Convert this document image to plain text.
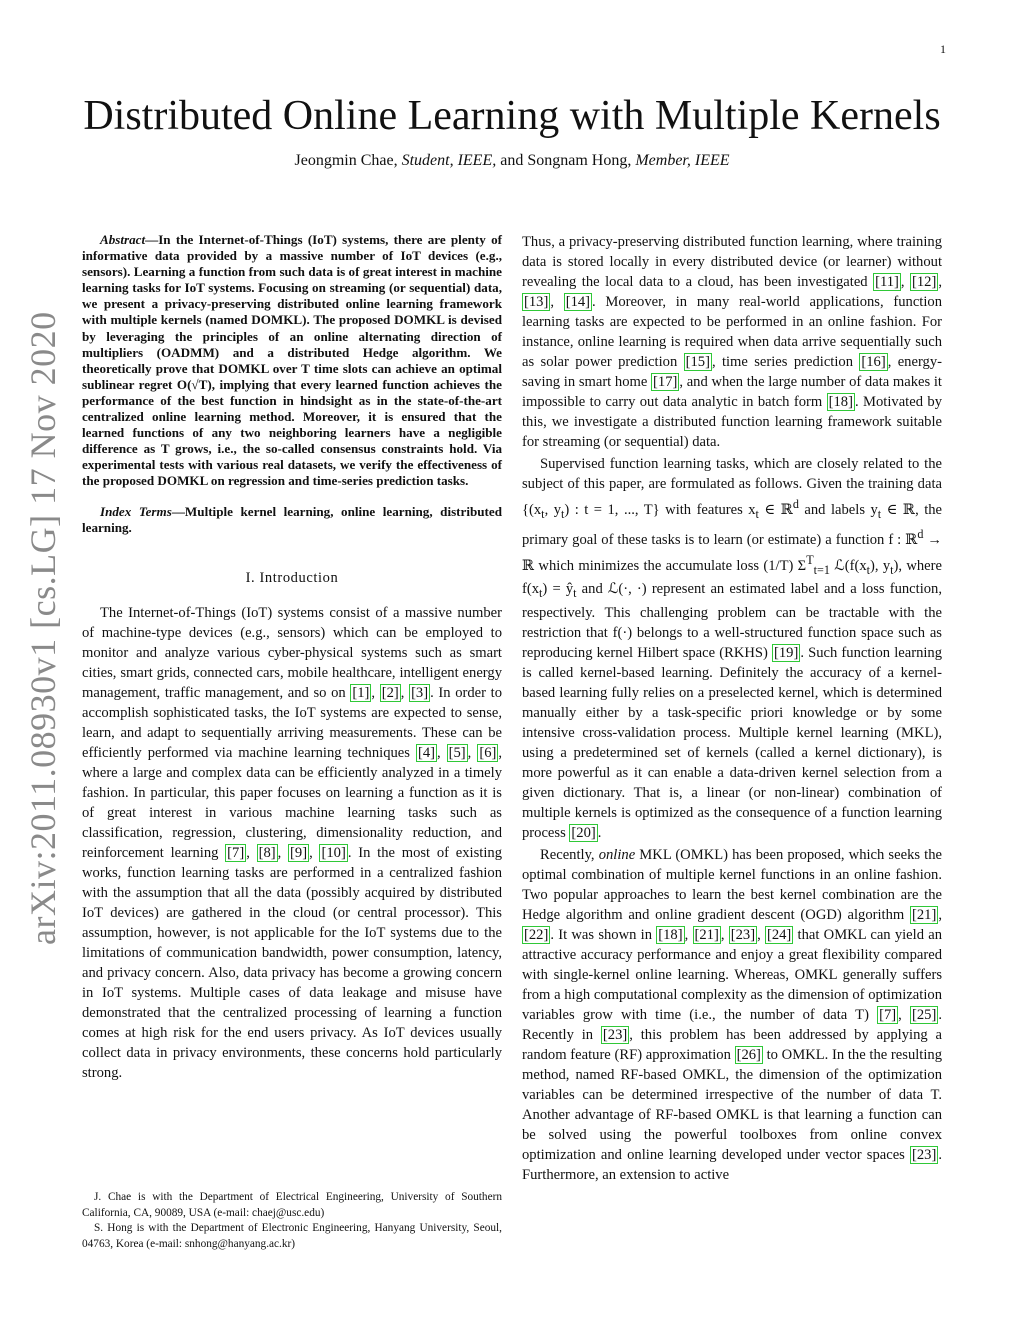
1
arXiv:2011.08930v1 [cs.LG] 17 Nov 2020
Distributed Online Learning with Multiple Kernels
Jeongmin Chae, Student, IEEE, and Songnam Hong, Member, IEEE

Abstract—In the Internet-of-Things (IoT) systems, there are plenty of informative data provided by a massive number of IoT devices (e.g., sensors). Learning a function from such data is of great interest in machine learning tasks for IoT systems. Focusing on streaming (or sequential) data, we present a privacy-preserving distributed online learning framework with multiple kernels (named DOMKL). The proposed DOMKL is devised by leveraging the principles of an online alternating direction of multipliers (OADMM) and a distributed Hedge algorithm. We theoretically prove that DOMKL over T time slots can achieve an optimal sublinear regret O(√T), implying that every learned function achieves the performance of the best function in hindsight as in the state-of-the-art centralized online learning method. Moreover, it is ensured that the learned functions of any two neighboring learners have a negligible difference as T grows, i.e., the so-called consensus constraints hold. Via experimental tests with various real datasets, we verify the effectiveness of the proposed DOMKL on regression and time-series prediction tasks.

Index Terms—Multiple kernel learning, online learning, distributed learning.

I. Introduction

The Internet-of-Things (IoT) systems consist of a massive number of machine-type devices (e.g., sensors) which can be employed to monitor and analyze various cyber-physical systems such as smart cities, smart grids, connected cars, mobile healthcare, intelligent energy management, traffic management, and so on [1] , [2] , [3] . In order to accomplish sophisticated tasks, the IoT systems are expected to sense, learn, and adapt to sequentially arriving measurements. These can be efficiently performed via machine learning techniques [4] , [5] , [6] , where a large and complex data can be efficiently analyzed in a timely fashion. In particular, this paper focuses on learning a function as it is of great interest in various machine learning tasks such as classification, regression, clustering, dimensionality reduction, and reinforcement learning [7] , [8] , [9] , [10] . In the most of existing works, function learning tasks are performed in a centralized fashion with the assumption that all the data (possibly acquired by distributed IoT devices) are gathered in the cloud (or central processor). This assumption, however, is not applicable for the IoT systems due to the limitations of communication bandwidth, power consumption, latency, and privacy concern. Also, data privacy has become a growing concern in IoT systems. Multiple cases of data leakage and misuse have demonstrated that the centralized processing of learning a function comes at high risk for the end users privacy. As IoT devices usually collect data in privacy environments, these concerns hold particularly strong.

J. Chae is with the Department of Electrical Engineering, University of Southern California, CA, 90089, USA (e-mail: chaej@usc.edu)

S. Hong is with the Department of Electronic Engineering, Hanyang University, Seoul, 04763, Korea (e-mail: snhong@hanyang.ac.kr)

Thus, a privacy-preserving distributed function learning, where training data is stored locally in every distributed device (or learner) without revealing the local data to a cloud, has been investigated [11] , [12] , [13] , [14] . Moreover, in many real-world applications, function learning tasks are expected to be performed in an online fashion. For instance, online learning is required when data arrive sequentially such as solar power prediction [15] , time series prediction [16] , energy-saving in smart home [17] , and when the large number of data makes it impossible to carry out data analytic in batch form [18] . Motivated by this, we investigate a distributed function learning framework suitable for streaming (or sequential) data.

Supervised function learning tasks, which are closely related to the subject of this paper, are formulated as follows. Given the training data {($x_t$, $y_t$) : t = 1, ..., T} with features $x_t$ ∈ ℝ$^d$ and labels $y_t$ ∈ ℝ, the primary goal of these tasks is to learn (or estimate) a function f : ℝ$^d$ → ℝ which minimizes the accumulate loss (1/T) $\Sigma^T_{t=1}$ $ℒ(f(x_t)$, $y_t$), where $f(x_t)$ = $ŷ_t$ and ℒ(·, ·) represent an estimated label and a loss function, respectively. This challenging problem can be tractable with the restriction that f(·) belongs to a well-structured function space such as reproducing kernel Hilbert space (RKHS) [19] . Such function learning is called kernel-based learning. Definitely the accuracy of a kernel-based learning fully relies on a preselected kernel, which is determined manually either by a task-specific priori knowledge or by some intensive cross-validation process. Multiple kernel learning (MKL), using a predetermined set of kernels (called a kernel dictionary), is more powerful as it can enable a data-driven kernel selection from a given dictionary. That is, a linear (or non-linear) combination of multiple kernels is optimized as the consequence of a function learning process [20] .

Recently, online MKL (OMKL) has been proposed, which seeks the optimal combination of multiple kernel functions in an online fashion. Two popular approaches to learn the best kernel combination are the Hedge algorithm and online gradient descent (OGD) algorithm [21] , [22] . It was shown in [18] , [21] , [23] , [24] that OMKL can yield an attractive accuracy performance and enjoy a great flexibility compared with single-kernel online learning. Whereas, OMKL generally suffers from a high computational complexity as the dimension of optimization variables grow with time (i.e., the number of data T) [7] , [25] . Recently in [23] , this problem has been addressed by applying a random feature (RF) approximation [26] to OMKL. In the the resulting method, named RF-based OMKL, the dimension of the optimization variables can be determined irrespective of the number of data T. Another advantage of RF-based OMKL is that learning a function can be solved using the powerful toolboxes from online convex optimization and online learning developed under vector spaces [23] . Furthermore, an extension to active
